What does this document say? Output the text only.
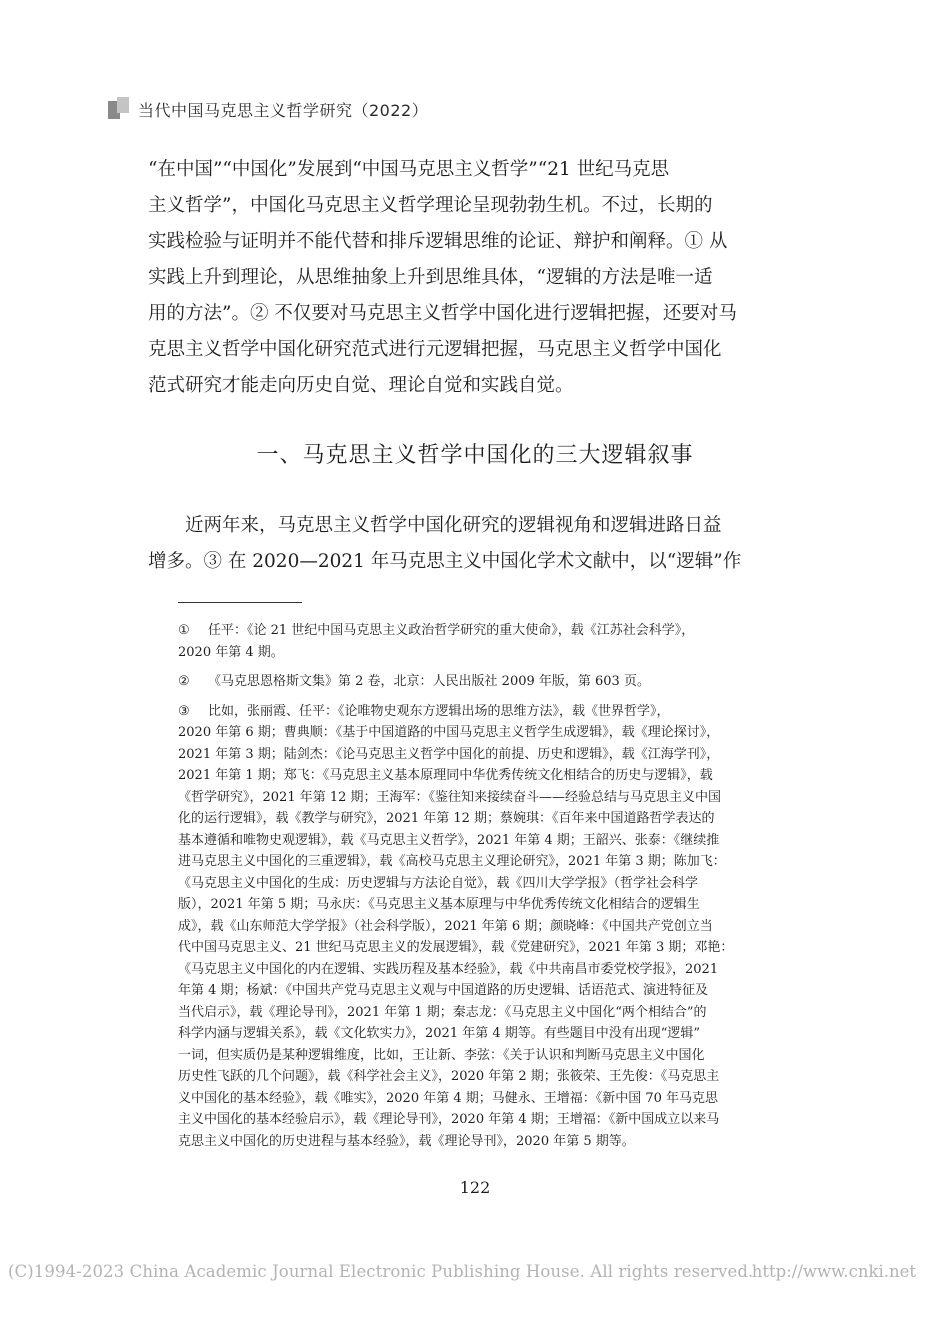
当代中国马克思主义哲学研究（2022）
“在中国”“中国化”发展到“中国马克思主义哲学”“21 世纪马克思
主义哲学”，中国化马克思主义哲学理论呈现勃勃生机。不过，长期的
实践检验与证明并不能代替和排斥逻辑思维的论证、辩护和阐释。① 从
实践上升到理论，从思维抽象上升到思维具体，“逻辑的方法是唯一适
用的方法”。② 不仅要对马克思主义哲学中国化进行逻辑把握，还要对马
克思主义哲学中国化研究范式进行元逻辑把握，马克思主义哲学中国化
范式研究才能走向历史自觉、理论自觉和实践自觉。
一、马克思主义哲学中国化的三大逻辑叙事
近两年来，马克思主义哲学中国化研究的逻辑视角和逻辑进路日益
增多。③ 在 2020—2021 年马克思主义中国化学术文献中，以“逻辑”作
① 任平：《论 21 世纪中国马克思主义政治哲学研究的重大使命》，载《江苏社会科学》，
2020 年第 4 期。
② 《马克思恩格斯文集》第 2 卷，北京：人民出版社 2009 年版，第 603 页。
③ 比如，张丽霞、任平：《论唯物史观东方逻辑出场的思维方法》，载《世界哲学》，
2020 年第 6 期；曹典顺：《基于中国道路的中国马克思主义哲学生成逻辑》，载《理论探讨》，
2021 年第 3 期；陆剑杰：《论马克思主义哲学中国化的前提、历史和逻辑》，载《江海学刊》，
2021 年第 1 期；郑飞：《马克思主义基本原理同中华优秀传统文化相结合的历史与逻辑》，载
《哲学研究》，2021 年第 12 期；王海军：《鉴往知来接续奋斗——经验总结与马克思主义中国
化的运行逻辑》，载《教学与研究》，2021 年第 12 期；蔡婉琪：《百年来中国道路哲学表达的
基本遵循和唯物史观逻辑》，载《马克思主义哲学》，2021 年第 4 期；王韶兴、张泰：《继续推
进马克思主义中国化的三重逻辑》，载《高校马克思主义理论研究》，2021 年第 3 期；陈加飞：
《马克思主义中国化的生成：历史逻辑与方法论自觉》，载《四川大学学报》（哲学社会科学
版），2021 年第 5 期；马永庆：《马克思主义基本原理与中华优秀传统文化相结合的逻辑生
成》，载《山东师范大学学报》（社会科学版），2021 年第 6 期；颜晓峰：《中国共产党创立当
代中国马克思主义、21 世纪马克思主义的发展逻辑》，载《党建研究》，2021 年第 3 期；邓艳：
《马克思主义中国化的内在逻辑、实践历程及基本经验》，载《中共南昌市委党校学报》，2021
年第 4 期；杨斌：《中国共产党马克思主义观与中国道路的历史逻辑、话语范式、演进特征及
当代启示》，载《理论导刊》，2021 年第 1 期；秦志龙：《马克思主义中国化“两个相结合”的
科学内涵与逻辑关系》，载《文化软实力》，2021 年第 4 期等。有些题目中没有出现“逻辑”
一词，但实质仍是某种逻辑维度，比如，王让新、李弦：《关于认识和判断马克思主义中国化
历史性飞跃的几个问题》，载《科学社会主义》，2020 年第 2 期；张筱荣、王先俊：《马克思主
义中国化的基本经验》，载《唯实》，2020 年第 4 期；马健永、王增福：《新中国 70 年马克思
主义中国化的基本经验启示》，载《理论导刊》，2020 年第 4 期；王增福：《新中国成立以来马
克思主义中国化的历史进程与基本经验》，载《理论导刊》，2020 年第 5 期等。
122
(C)1994-2023 China Academic Journal Electronic Publishing House. All rights reserved.
http://www.cnki.net
